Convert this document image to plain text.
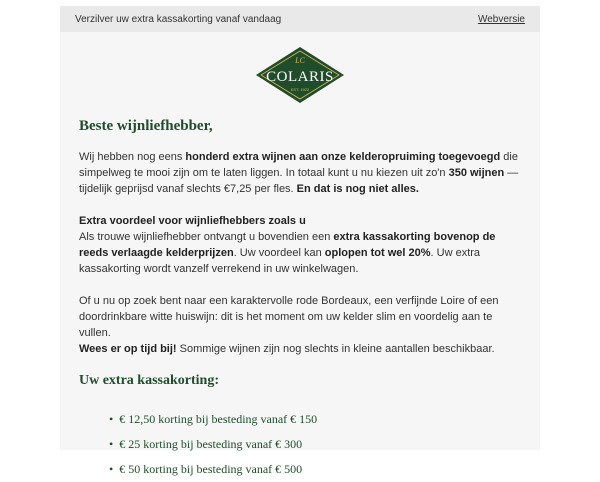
Verzilver uw extra kassakorting vanaf vandaag	Webversie
LC
COLARIS
EST. 1922
Beste wijnliefhebber,

Wij hebben nog eens honderd extra wijnen aan onze kelderopruiming toegevoegd die simpelweg te mooi zijn om te laten liggen. In totaal kunt u nu kiezen uit zo'n 350 wijnen — tijdelijk geprijsd vanaf slechts €7,25 per fles. En dat is nog niet alles.

Extra voordeel voor wijnliefhebbers zoals u
Als trouwe wijnliefhebber ontvangt u bovendien een extra kassakorting bovenop de reeds verlaagde kelderprijzen. Uw voordeel kan oplopen tot wel 20%. Uw extra kassakorting wordt vanzelf verrekend in uw winkelwagen.

Of u nu op zoek bent naar een karaktervolle rode Bordeaux, een verfijnde Loire of een doordrinkbare witte huiswijn: dit is het moment om uw kelder slim en voordelig aan te vullen.
Wees er op tijd bij! Sommige wijnen zijn nog slechts in kleine aantallen beschikbaar.

Uw extra kassakorting:
• € 12,50 korting bij besteding vanaf € 150
• € 25 korting bij besteding vanaf € 300
• € 50 korting bij besteding vanaf € 500
